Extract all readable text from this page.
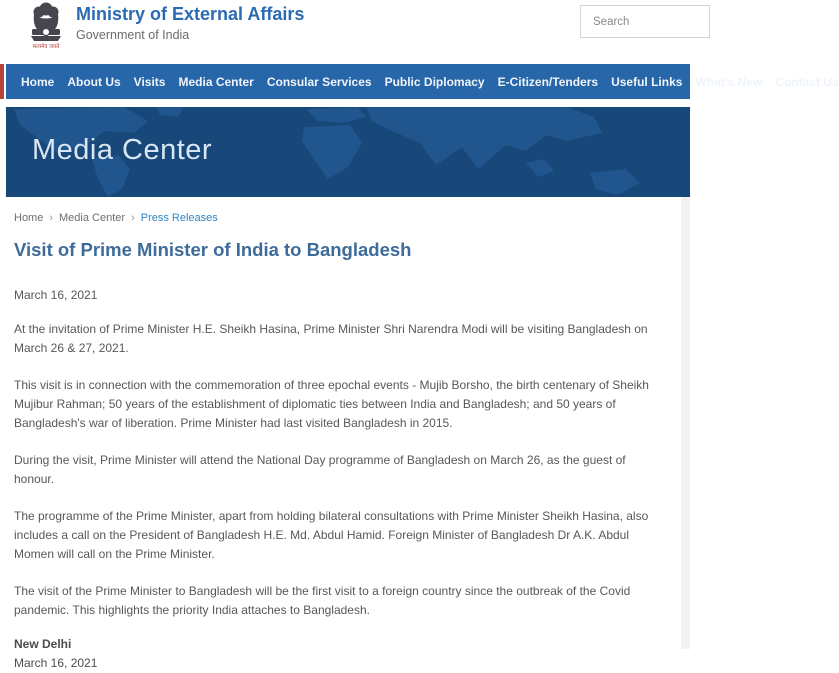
सत्यमेव जयते
Ministry of External Affairs
Government of India
Search
Home About Us Visits Media Center Consular Services Public Diplomacy E-Citizen/Tenders Useful Links What's New Contact Us
Media Center
Home › Media Center › Press Releases
Visit of Prime Minister of India to Bangladesh
March 16, 2021

At the invitation of Prime Minister H.E. Sheikh Hasina, Prime Minister Shri Narendra Modi will be visiting Bangladesh on March 26 & 27, 2021.

This visit is in connection with the commemoration of three epochal events - Mujib Borsho, the birth centenary of Sheikh Mujibur Rahman; 50 years of the establishment of diplomatic ties between India and Bangladesh; and 50 years of Bangladesh's war of liberation. Prime Minister had last visited Bangladesh in 2015.

During the visit, Prime Minister will attend the National Day programme of Bangladesh on March 26, as the guest of honour.

The programme of the Prime Minister, apart from holding bilateral consultations with Prime Minister Sheikh Hasina, also includes a call on the President of Bangladesh H.E. Md. Abdul Hamid. Foreign Minister of Bangladesh Dr A.K. Abdul Momen will call on the Prime Minister.

The visit of the Prime Minister to Bangladesh will be the first visit to a foreign country since the outbreak of the Covid pandemic. This highlights the priority India attaches to Bangladesh.

New Delhi
March 16, 2021
